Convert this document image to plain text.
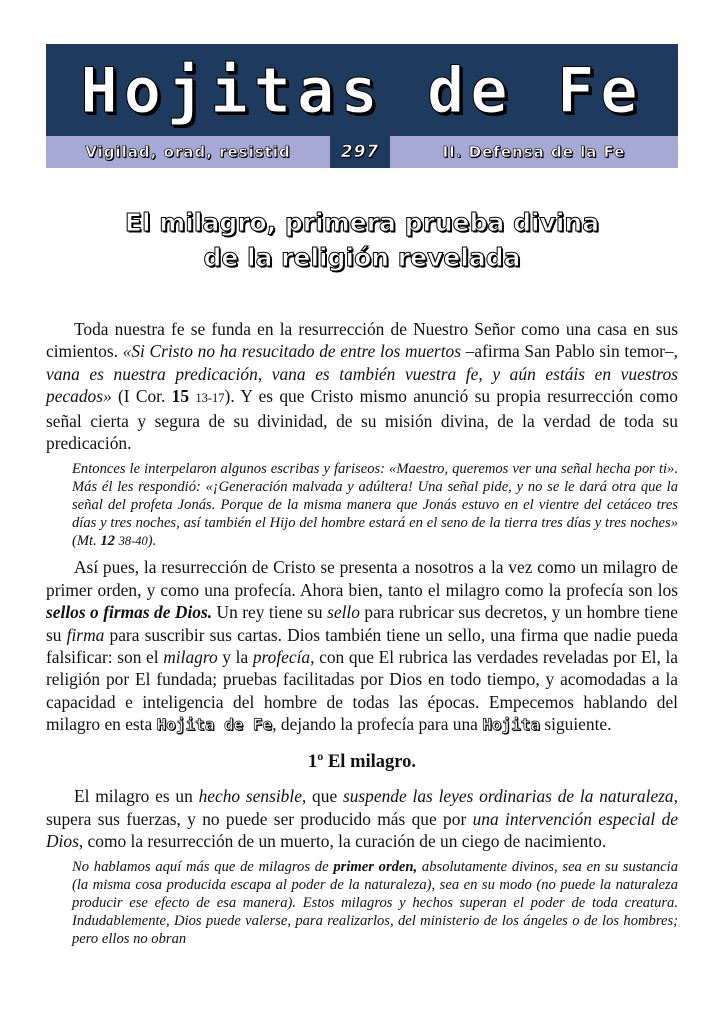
Hojitas de Fe
Vigilad, orad, resistid	297	II. Defensa de la Fe
El milagro, primera prueba divina
de la religión revelada

Toda nuestra fe se funda en la resurrección de Nuestro Señor como una casa en sus cimientos. «Si Cristo no ha resucitado de entre los muertos –afirma San Pablo sin temor–, vana es nuestra predicación, vana es también vuestra fe, y aún estáis en vuestros pecados» (I Cor. 15 13-17). Y es que Cristo mismo anunció su propia resurrección como señal cierta y segura de su divinidad, de su misión divina, de la verdad de toda su predicación.

Entonces le interpelaron algunos escribas y fariseos: «Maestro, queremos ver una señal hecha por ti». Más él les respondió: «¡Generación malvada y adúltera! Una señal pide, y no se le dará otra que la señal del profeta Jonás. Porque de la misma manera que Jonás estuvo en el vientre del cetáceo tres días y tres noches, así también el Hijo del hombre estará en el seno de la tierra tres días y tres noches» (Mt. 12 38-40).

Así pues, la resurrección de Cristo se presenta a nosotros a la vez como un milagro de primer orden, y como una profecía. Ahora bien, tanto el milagro como la profecía son los sellos o firmas de Dios. Un rey tiene su sello para rubricar sus decretos, y un hombre tiene su firma para suscribir sus cartas. Dios también tiene un sello, una firma que nadie pueda falsificar: son el milagro y la profecía, con que El rubrica las verdades reveladas por El, la religión por El fundada; pruebas facilitadas por Dios en todo tiempo, y acomodadas a la capacidad e inteligencia del hombre de todas las épocas. Empecemos hablando del milagro en esta Hojita de Fe, dejando la profecía para una Hojita siguiente.

1º El milagro.

El milagro es un hecho sensible, que suspende las leyes ordinarias de la naturaleza, supera sus fuerzas, y no puede ser producido más que por una intervención especial de Dios, como la resurrección de un muerto, la curación de un ciego de nacimiento.

No hablamos aquí más que de milagros de primer orden, absolutamente divinos, sea en su sustancia (la misma cosa producida escapa al poder de la naturaleza), sea en su modo (no puede la naturaleza producir ese efecto de esa manera). Estos milagros y hechos superan el poder de toda creatura. Indudablemente, Dios puede valerse, para realizarlos, del ministerio de los ángeles o de los hombres; pero ellos no obran
